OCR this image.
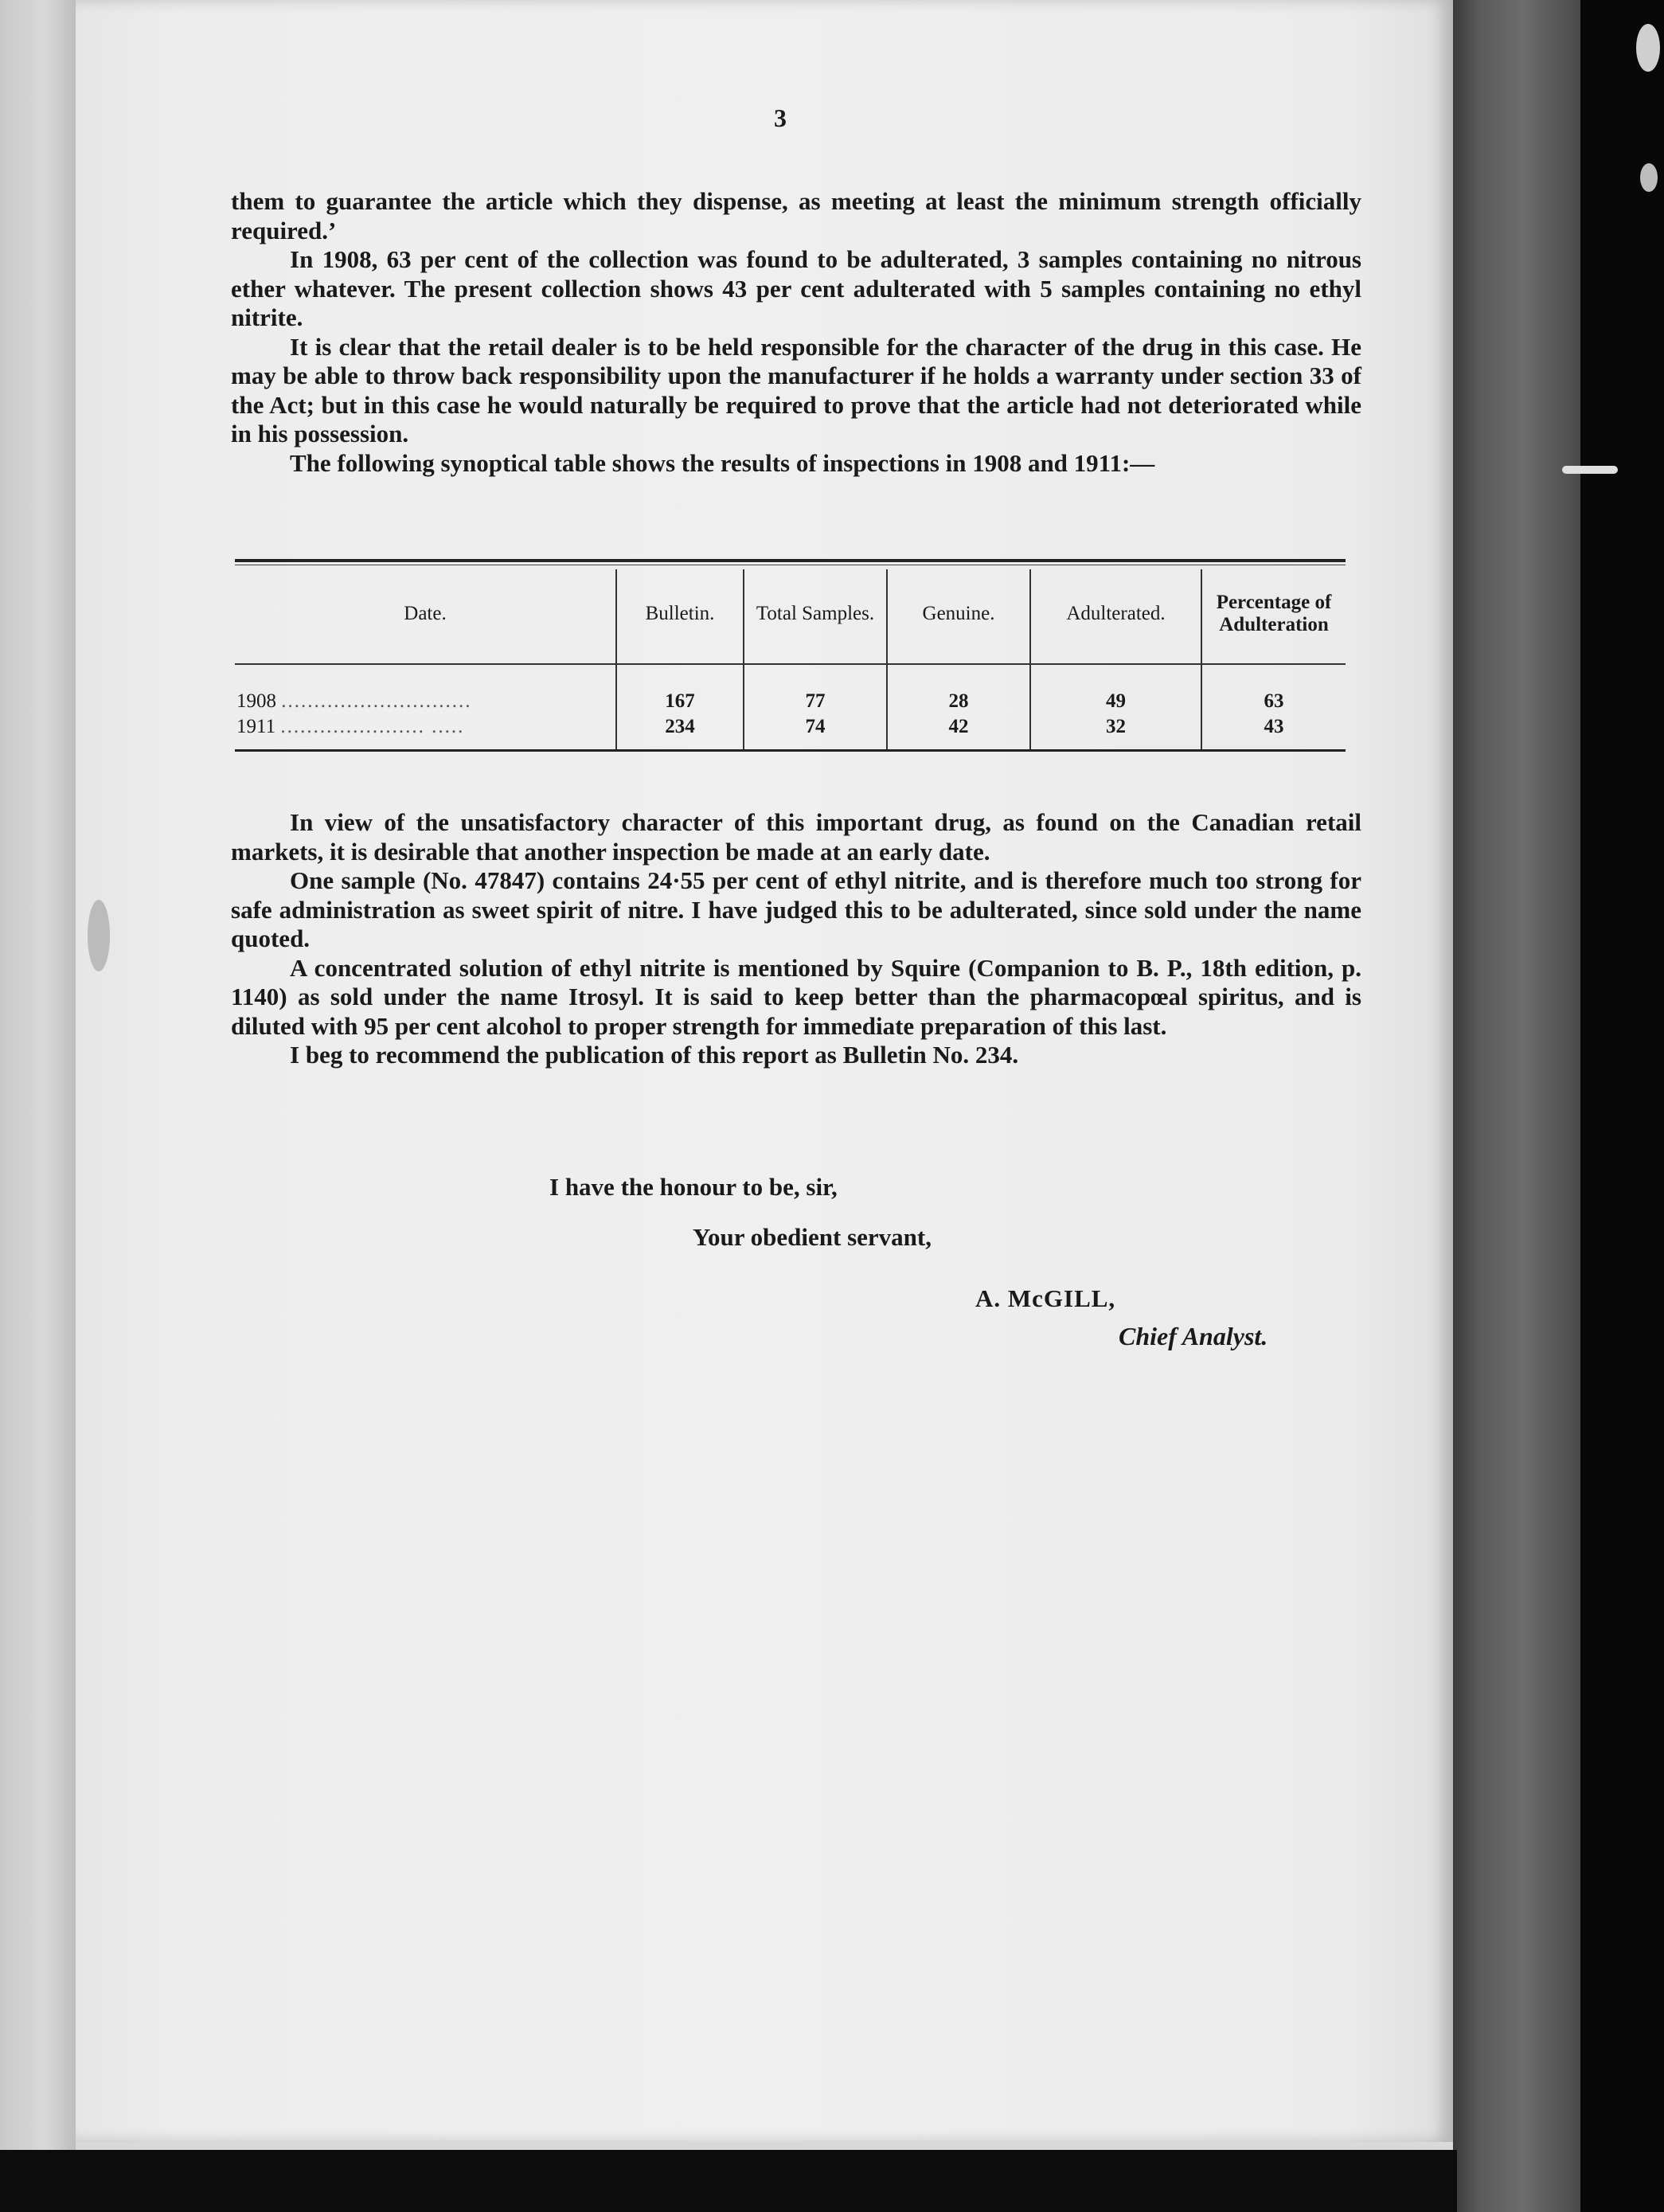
3

them to guarantee the article which they dispense, as meeting at least the minimum strength officially required.’

In 1908, 63 per cent of the collection was found to be adulterated, 3 samples containing no nitrous ether whatever. The present collection shows 43 per cent adulterated with 5 samples containing no ethyl nitrite.

It is clear that the retail dealer is to be held responsible for the character of the drug in this case. He may be able to throw back responsibility upon the manufacturer if he holds a warranty under section 33 of the Act; but in this case he would naturally be required to prove that the article had not deteriorated while in his possession.

The following synoptical table shows the results of inspections in 1908 and 1911:—

Date.	Bulletin.	Total Samples.	Genuine.	Adulterated.	Percentage of Adulteration
1908 .............................	167	77	28	49	63
1911 ...................... .....	234	74	42	32	43

In view of the unsatisfactory character of this important drug, as found on the Canadian retail markets, it is desirable that another inspection be made at an early date.

One sample (No. 47847) contains 24·55 per cent of ethyl nitrite, and is therefore much too strong for safe administration as sweet spirit of nitre. I have judged this to be adulterated, since sold under the name quoted.

A concentrated solution of ethyl nitrite is mentioned by Squire (Companion to B. P., 18th edition, p. 1140) as sold under the name Itrosyl. It is said to keep better than the pharmacopœal spiritus, and is diluted with 95 per cent alcohol to proper strength for immediate preparation of this last.

I beg to recommend the publication of this report as Bulletin No. 234.

I have the honour to be, sir,
Your obedient servant,
A. McGILL,
Chief Analyst.
